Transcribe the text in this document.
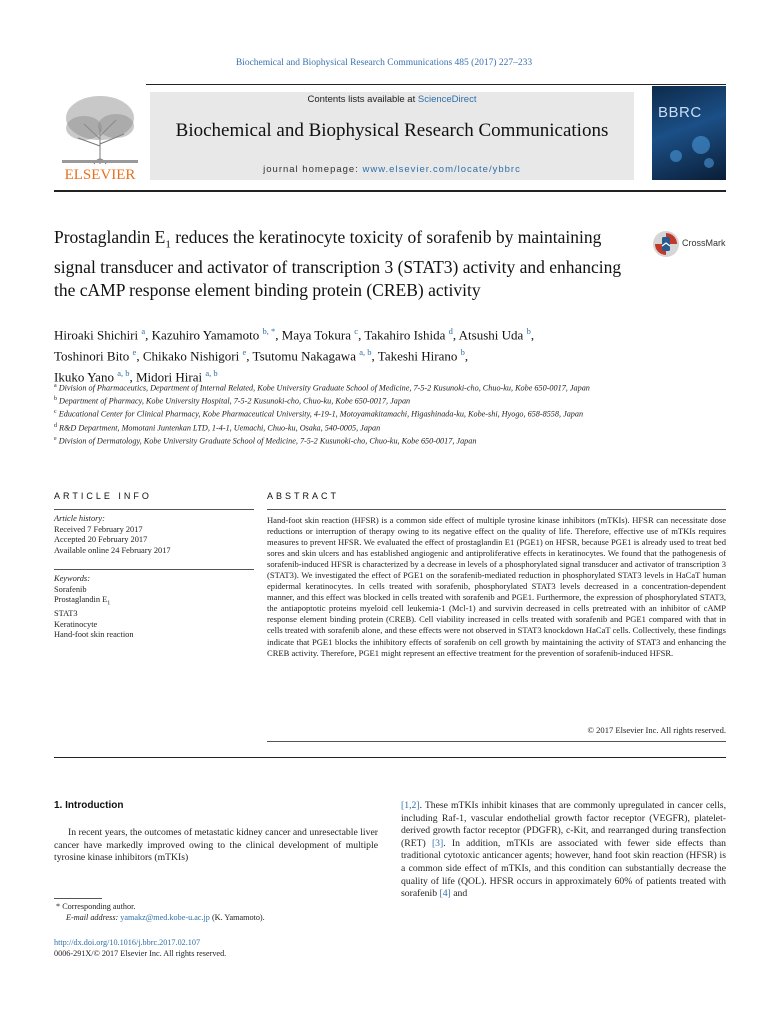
Biochemical and Biophysical Research Communications 485 (2017) 227–233
ELSEVIER
Contents lists available at ScienceDirect
Biochemical and Biophysical Research Communications
journal homepage: www.elsevier.com/locate/ybbrc
BBRC
Prostaglandin $E_1$ reduces the keratinocyte toxicity of sorafenib by maintaining signal transducer and activator of transcription 3 (STAT3) activity and enhancing the cAMP response element binding protein (CREB) activity
CrossMark
Hiroaki Shichiri $^a$, Kazuhiro Yamamoto $^{b, *}$, Maya Tokura $^c$, Takahiro Ishida $^d$, Atsushi Uda $^b$,
Toshinori Bito $^e$, Chikako Nishigori $^e$, Tsutomu Nakagawa $^{a, b}$, Takeshi Hirano $^b$,
Ikuko Yano $^{a, b}$, Midori Hirai $^{a, b}$
$^a$ Division of Pharmaceutics, Department of Internal Related, Kobe University Graduate School of Medicine, 7-5-2 Kusunoki-cho, Chuo-ku, Kobe 650-0017, Japan
$^b$ Department of Pharmacy, Kobe University Hospital, 7-5-2 Kusunoki-cho, Chuo-ku, Kobe 650-0017, Japan
$^c$ Educational Center for Clinical Pharmacy, Kobe Pharmaceutical University, 4-19-1, Motoyamakitamachi, Higashinada-ku, Kobe-shi, Hyogo, 658-8558, Japan
$^d$ R&D Department, Momotani Juntenkan LTD, 1-4-1, Uemachi, Chuo-ku, Osaka, 540-0005, Japan
$^e$ Division of Dermatology, Kobe University Graduate School of Medicine, 7-5-2 Kusunoki-cho, Chuo-ku, Kobe 650-0017, Japan
ARTICLE INFO	ABSTRACT
Article history:
Received 7 February 2017
Accepted 20 February 2017
Available online 24 February 2017
Keywords:
Sorafenib
Prostaglandin $E_1$
STAT3
Keratinocyte
Hand-foot skin reaction
Hand-foot skin reaction (HFSR) is a common side effect of multiple tyrosine kinase inhibitors (mTKIs). HFSR can necessitate dose reductions or interruption of therapy owing to its negative effect on the quality of life. Therefore, effective use of mTKIs requires measures to prevent HFSR. We evaluated the effect of prostaglandin E1 (PGE1) on HFSR, because PGE1 is already used to treat bed sores and skin ulcers and has established angiogenic and antiproliferative effects in keratinocytes. We found that the pathogenesis of sorafenib-induced HFSR is characterized by a decrease in levels of a phosphorylated signal transducer and activator of transcription 3 (STAT3). We investigated the effect of PGE1 on the sorafenib-mediated reduction in phosphorylated STAT3 levels in HaCaT human epidermal keratinocytes. In cells treated with sorafenib, phosphorylated STAT3 levels decreased in a concentration-dependent manner, and this effect was blocked in cells treated with sorafenib and PGE1. Furthermore, the expression of phosphorylated STAT3, the antiapoptotic proteins myeloid cell leukemia-1 (Mcl-1) and survivin decreased in cells pretreated with an inhibitor of cAMP response element binding protein (CREB). Cell viability increased in cells treated with sorafenib and PGE1 compared with that in cells treated with sorafenib alone, and these effects were not observed in STAT3 knockdown HaCaT cells. Collectively, these findings indicate that PGE1 blocks the inhibitory effects of sorafenib on cell growth by maintaining the activity of STAT3 and enhancing the CREB activity. Therefore, PGE1 might represent an effective treatment for the prevention of sorafenib-induced HFSR.
© 2017 Elsevier Inc. All rights reserved.
1. Introduction
In recent years, the outcomes of metastatic kidney cancer and unresectable liver cancer have markedly improved owing to the clinical development of multiple tyrosine kinase inhibitors (mTKIs)
[1,2]. These mTKIs inhibit kinases that are commonly upregulated in cancer cells, including Raf-1, vascular endothelial growth factor receptor (VEGFR), platelet-derived growth factor receptor (PDGFR), c-Kit, and rearranged during transfection (RET) [3]. In addition, mTKIs are associated with fewer side effects than traditional cytotoxic anticancer agents; however, hand foot skin reaction (HFSR) is a common side effect of mTKIs, and this condition can substantially decrease the quality of life (QOL). HFSR occurs in approximately 60% of patients treated with sorafenib [4] and
* Corresponding author.
E-mail address: yamakz@med.kobe-u.ac.jp (K. Yamamoto).
http://dx.doi.org/10.1016/j.bbrc.2017.02.107
0006-291X/© 2017 Elsevier Inc. All rights reserved.
